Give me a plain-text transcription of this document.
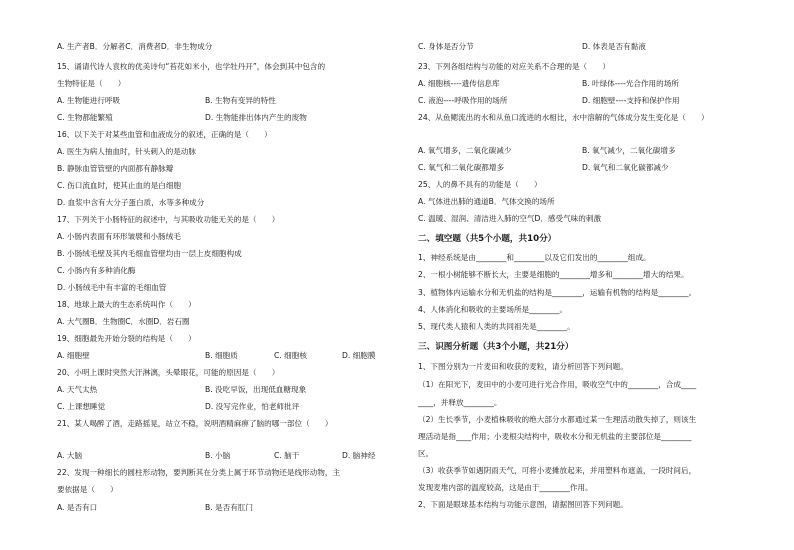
A. 生产者B．分解者C．消费者D．非生物成分
15、诵请代诗人袁枚的优美诗句“苔花如米小，也学牡丹开”，体会到其中包含的
生物特征是（　　）
A. 生物能进行呼吸	B. 生物有变异的特性
C. 生物都能繁殖	D. 生物能排出体内产生的废物
16、以下关于对某些血管和血液成分的叙述，正确的是（　　）
A. 医生为病人抽血时，针头刺入的是动脉
B. 静脉血管管壁的内面都有静脉瓣
C. 伤口流血时，使其止血的是白细胞
D. 血浆中含有大分子蛋白质，水等多种成分
17、下列关于小肠特征的叙述中，与其吸收功能无关的是（　　）
A. 小肠内表面有环形皱襞和小肠绒毛
B. 小肠绒毛壁及其内毛细血管壁均由一层上皮细胞构成
C. 小肠内有多种消化酶
D. 小肠绒毛中有丰富的毛细血管
18、地球上最大的生态系统叫作（　　）
A. 大气圈B．生物圈C．水圈D．岩石圈
19、细胞最先开始分裂的结构是（　　）
A. 细胞壁	B. 细胞质	C. 细胞核	D. 细胞膜
20、小明上课时突然大汗淋漓，头晕眼花，可能的原因是（　　）
A. 天气太热	B. 没吃早饭，出现低血糖现象
C. 上课想睡觉	D. 没写完作业，怕老师批评
21、某人喝醉了酒，走路摇晃，站立不稳，说明酒精麻痹了脑的哪一部位（　　）
A. 大脑	B. 小脑	C. 脑干	D. 脑神经
22、发现一种细长的圆柱形动物，要判断其在分类上属于环节动物还是线形动物，主
要依据是（　　）
A. 是否有口	B. 是否有肛门
C. 身体是否分节	D. 体表是否有黏液
23、下列各组结构与功能的对应关系不合理的是（　　）
A. 细胞核----遗传信息库	B. 叶绿体----光合作用的场所
C. 液泡----呼吸作用的场所	D. 细胞壁----支持和保护作用
24、从鱼鳃流出的水和从鱼口流进的水相比，水中溶解的气体成分发生变化是（　　）
A. 氧气增多，二氧化碳减少	B. 氧气减少，二氧化碳增多
C. 氧气和二氧化碳都增多	D. 氧气和二氧化碳都减少
25、人的鼻不具有的功能是（　　）
A. 气体进出肺的通道B．气体交换的场所
C. 温暖、湿润、清洁进入肺的空气D．感受气味的刺激
二、填空题（共5个小题，共10分）
1、神经系统是由________和________以及它们发出的________组成。
2、一根小树能够不断长大，主要是细胞的________增多和________增大的结果。
3、植物体内运输水分和无机盐的结构是________，运输有机物的结构是________。
4、人体消化和吸收的主要场所是________。
5、现代类人猿和人类的共同祖先是________。
三、识图分析题（共3个小题，共21分）
1、下图分别为一片麦田和收获的麦粒，请分析回答下列问题。
（1）在阳光下，麦田中的小麦可进行光合作用，吸收空气中的________，合成____
____，并释放________。
（2）生长季节，小麦植株吸收的绝大部分水都通过某一生理活动散失掉了，则该生
理活动是指____作用；小麦根尖结构中，吸收水分和无机盐的主要部位是________
区。
（3）收获季节如遇阴雨天气，可将小麦摊放起来，并用塑料布遮盖，一段时间后，
发现麦堆内部的温度较高，这是由于________作用。
2、下面是眼球基本结构与功能示意图，请据图回答下列问题。
